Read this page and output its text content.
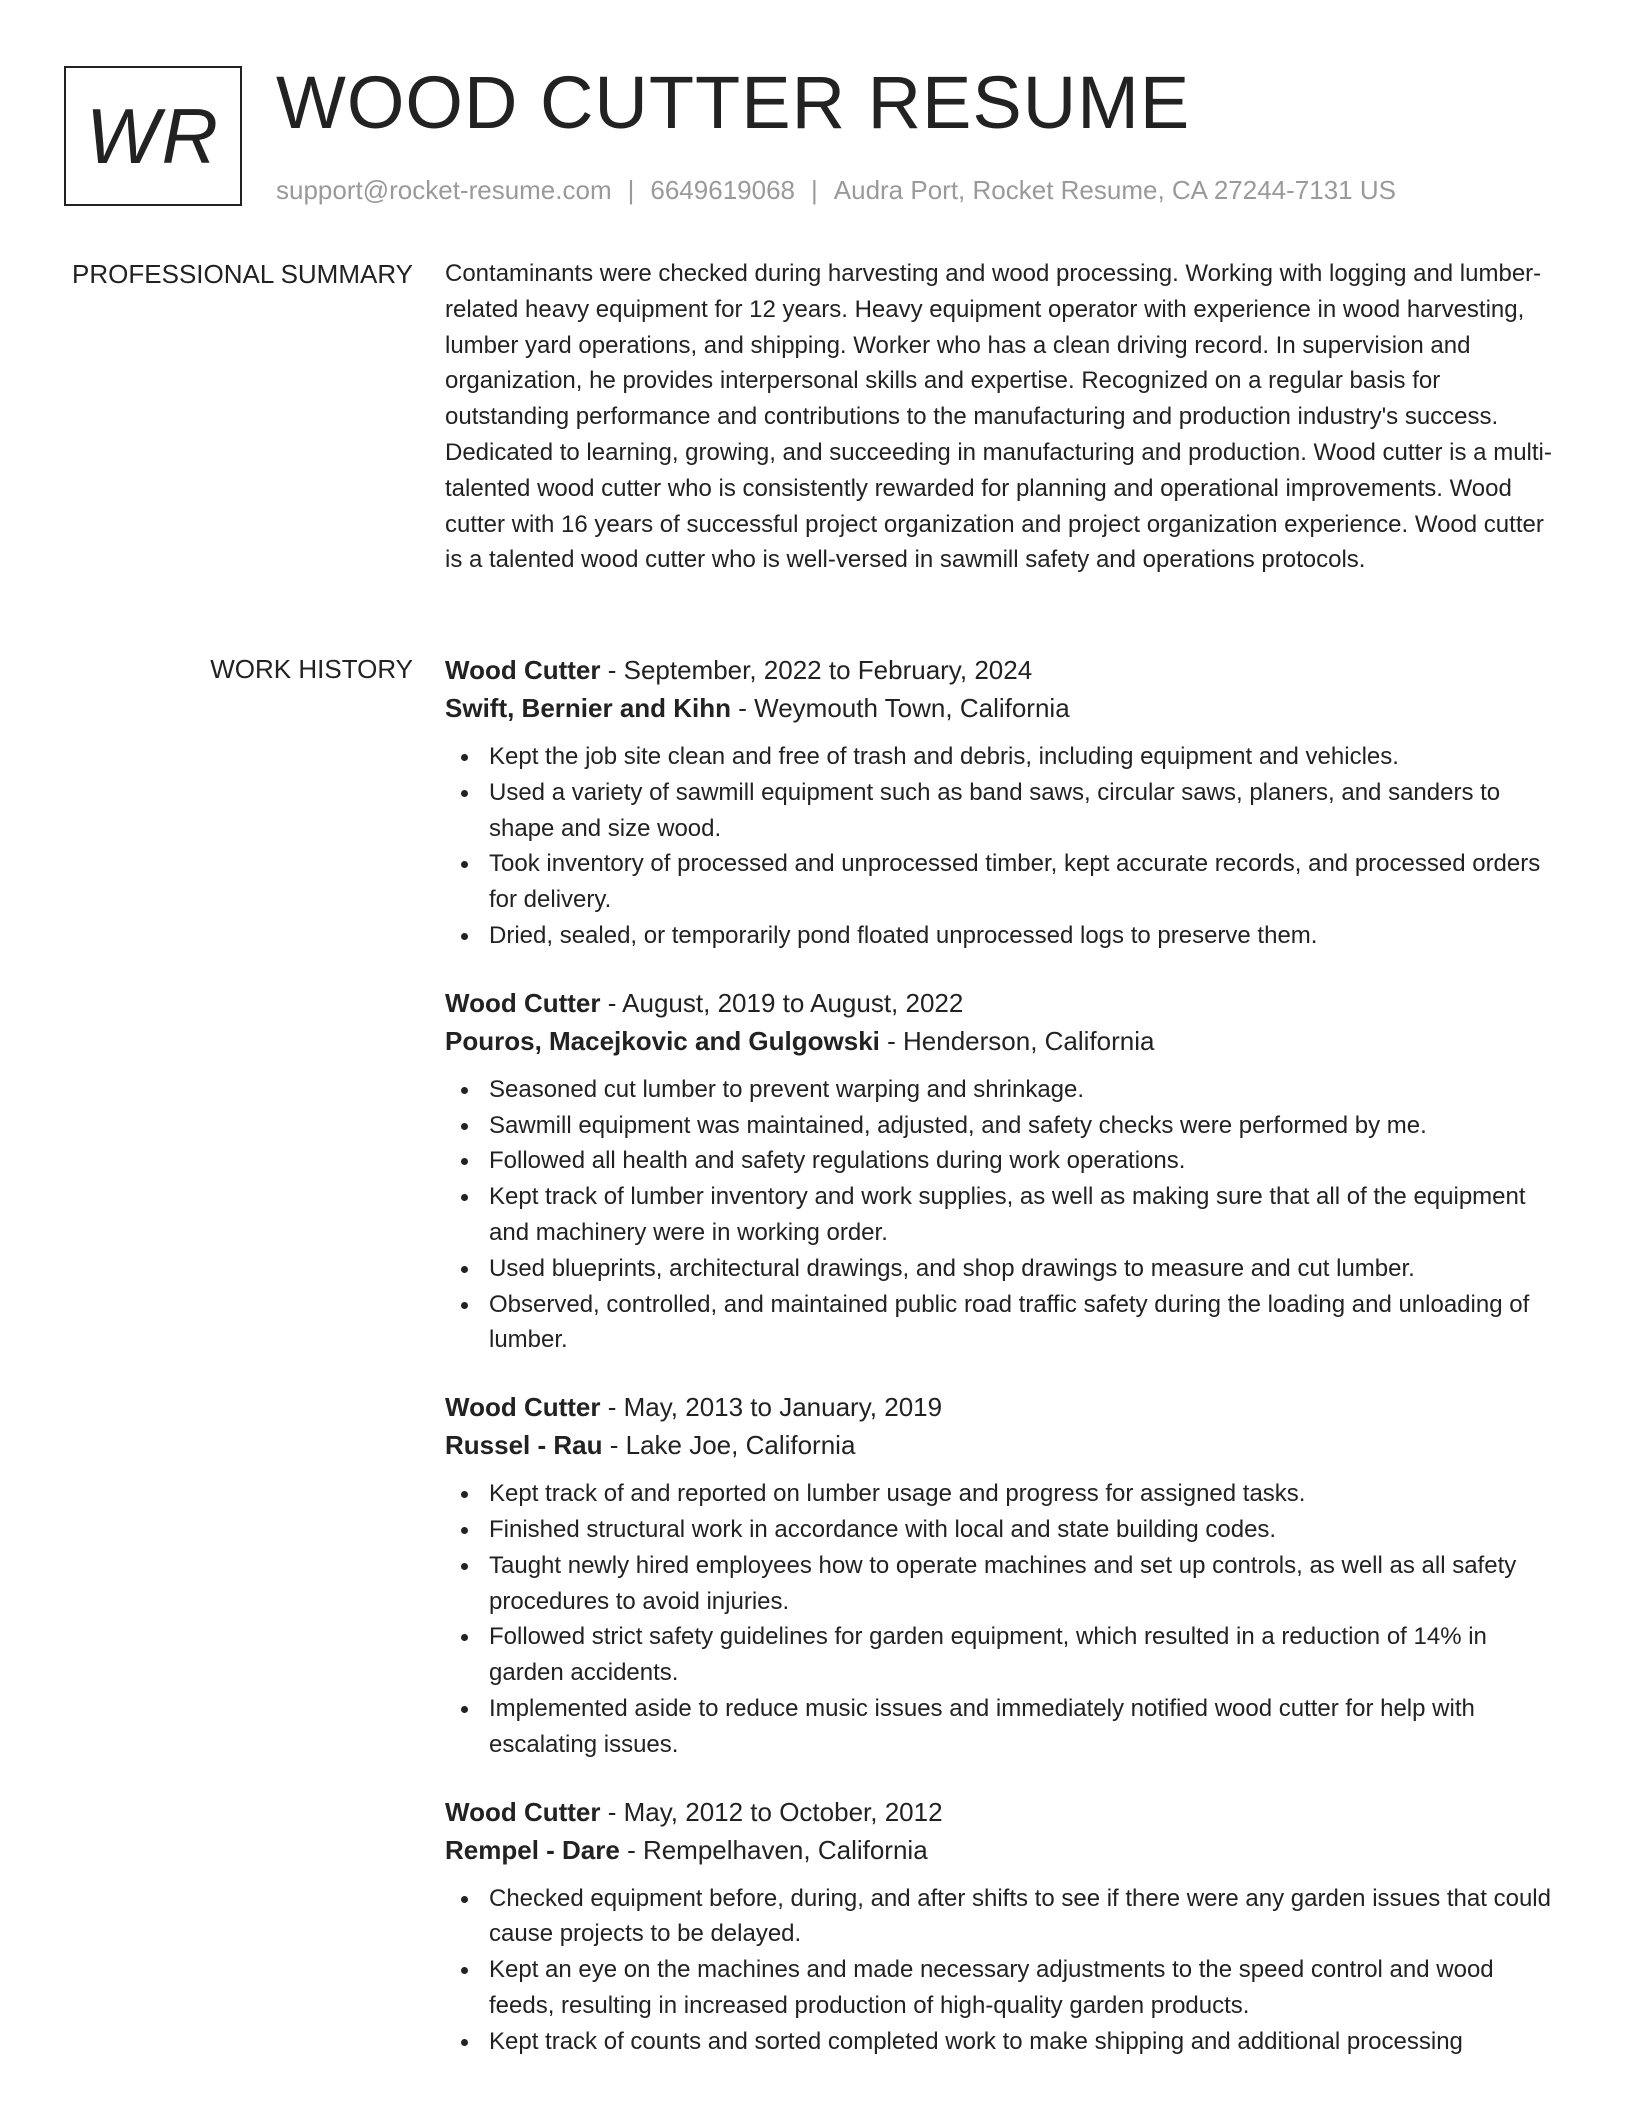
WR WOOD CUTTER RESUME
support@rocket-resume.com | 6649619068 | Audra Port, Rocket Resume, CA 27244-7131 US
PROFESSIONAL SUMMARY Contaminants were checked during harvesting and wood processing. Working with logging and lumber-related heavy equipment for 12 years. Heavy equipment operator with experience in wood harvesting, lumber yard operations, and shipping. Worker who has a clean driving record. In supervision and organization, he provides interpersonal skills and expertise. Recognized on a regular basis for outstanding performance and contributions to the manufacturing and production industry's success. Dedicated to learning, growing, and succeeding in manufacturing and production. Wood cutter is a multi-talented wood cutter who is consistently rewarded for planning and operational improvements. Wood cutter with 16 years of successful project organization and project organization experience. Wood cutter is a talented wood cutter who is well-versed in sawmill safety and operations protocols.

WORK HISTORY Wood Cutter - September, 2022 to February, 2024

Swift, Bernier and Kihn - Weymouth Town, California

Kept the job site clean and free of trash and debris, including equipment and vehicles.
Used a variety of sawmill equipment such as band saws, circular saws, planers, and sanders to shape and size wood.
Took inventory of processed and unprocessed timber, kept accurate records, and processed orders for delivery.
Dried, sealed, or temporarily pond floated unprocessed logs to preserve them.

Wood Cutter - August, 2019 to August, 2022

Pouros, Macejkovic and Gulgowski - Henderson, California

Seasoned cut lumber to prevent warping and shrinkage.
Sawmill equipment was maintained, adjusted, and safety checks were performed by me.
Followed all health and safety regulations during work operations.
Kept track of lumber inventory and work supplies, as well as making sure that all of the equipment and machinery were in working order.
Used blueprints, architectural drawings, and shop drawings to measure and cut lumber.
Observed, controlled, and maintained public road traffic safety during the loading and unloading of lumber.

Wood Cutter - May, 2013 to January, 2019

Russel - Rau - Lake Joe, California

Kept track of and reported on lumber usage and progress for assigned tasks.
Finished structural work in accordance with local and state building codes.
Taught newly hired employees how to operate machines and set up controls, as well as all safety procedures to avoid injuries.
Followed strict safety guidelines for garden equipment, which resulted in a reduction of 14% in garden accidents.
Implemented aside to reduce music issues and immediately notified wood cutter for help with escalating issues.

Wood Cutter - May, 2012 to October, 2012

Rempel - Dare - Rempelhaven, California

Checked equipment before, during, and after shifts to see if there were any garden issues that could cause projects to be delayed.
Kept an eye on the machines and made necessary adjustments to the speed control and wood feeds, resulting in increased production of high-quality garden products.
Kept track of counts and sorted completed work to make shipping and additional processing
